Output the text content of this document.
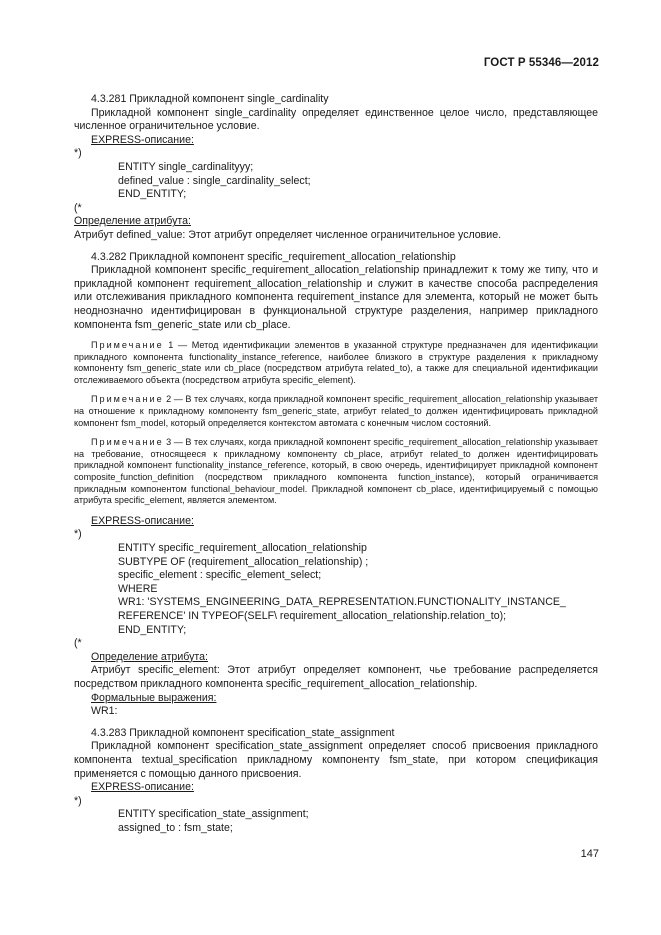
ГОСТ Р 55346—2012

4.3.281 Прикладной компонент single_cardinality

Прикладной компонент single_cardinality определяет единственное целое число, представляющее численное ограничительное условие.

EXPRESS-описание:

*)

ENTITY single_cardinalityyy;

defined_value : single_cardinality_select;

END_ENTITY;

(*

Определение атрибута:

Атрибут defined_value: Этот атрибут определяет численное ограничительное условие.

4.3.282 Прикладной компонент specific_requirement_allocation_relationship

Прикладной компонент specific_requirement_allocation_relationship принадлежит к тому же типу, что и прикладной компонент requirement_allocation_relationship и служит в качестве способа распределения или отслеживания прикладного компонента requirement_instance для элемента, который не может быть неоднозначно идентифицирован в функциональной структуре разделения, например прикладного компонента fsm_generic_state или cb_place.

Примечание 1 — Метод идентификации элементов в указанной структуре предназначен для идентификации прикладного компонента functionality_instance_reference, наиболее близкого в структуре разделения к прикладному компоненту fsm_generic_state или cb_place (посредством атрибута related_to), а также для специальной идентификации отслеживаемого объекта (посредством атрибута specific_element).

Примечание 2 — В тех случаях, когда прикладной компонент specific_requirement_allocation_relationship указывает на отношение к прикладному компоненту fsm_generic_state, атрибут related_to должен идентифицировать прикладной компонент fsm_model, который определяется контекстом автомата с конечным числом состояний.

Примечание 3 — В тех случаях, когда прикладной компонент specific_requirement_allocation_relationship указывает на требование, относящееся к прикладному компоненту cb_place, атрибут related_to должен идентифицировать прикладной компонент functionality_instance_reference, который, в свою очередь, идентифицирует прикладной компонент composite_function_definition (посредством прикладного компонента function_instance), который ограничивается прикладным компонентом functional_behaviour_model. Прикладной компонент cb_place, идентифицируемый с помощью атрибута specific_element, является элементом.

EXPRESS-описание:

*)

ENTITY specific_requirement_allocation_relationship

SUBTYPE OF (requirement_allocation_relationship) ;

specific_element : specific_element_select;

WHERE

WR1: 'SYSTEMS_ENGINEERING_DATA_REPRESENTATION.FUNCTIONALITY_INSTANCE_

REFERENCE' IN TYPEOF(SELF\ requirement_allocation_relationship.relation_to);

END_ENTITY;

(*

Определение атрибута:

Атрибут specific_element: Этот атрибут определяет компонент, чье требование распределяется посредством прикладного компонента specific_requirement_allocation_relationship.

Формальные выражения:

WR1:

4.3.283 Прикладной компонент specification_state_assignment

Прикладной компонент specification_state_assignment определяет способ присвоения прикладного компонента textual_specification прикладному компоненту fsm_state, при котором спецификация применяется с помощью данного присвоения.

EXPRESS-описание:

*)

ENTITY specification_state_assignment;

assigned_to : fsm_state;

147
